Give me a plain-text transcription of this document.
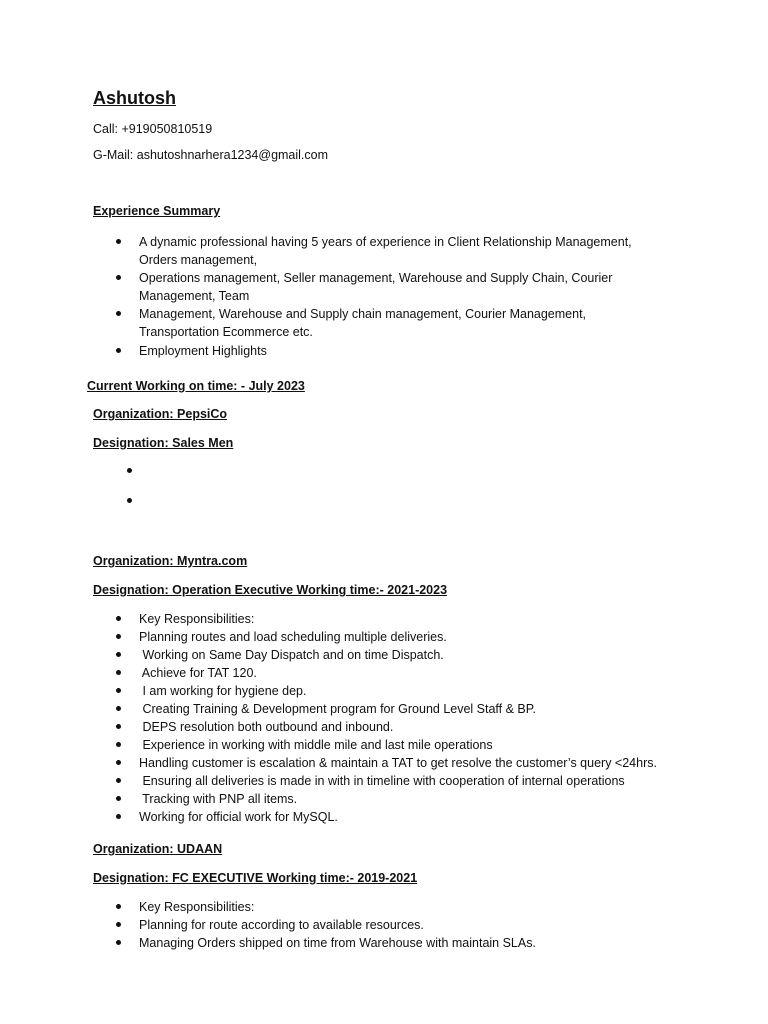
Ashutosh
Call: +919050810519
G-Mail: ashutoshnarhera1234@gmail.com
Experience Summary
A dynamic professional having 5 years of experience in Client Relationship Management,
Orders management,
Operations management, Seller management, Warehouse and Supply Chain, Courier
Management, Team
Management, Warehouse and Supply chain management, Courier Management,
Transportation Ecommerce etc.
Employment Highlights
Current Working on time: - July 2023
Organization: PepsiCo
Designation: Sales Men
Organization: Myntra.com
Designation: Operation Executive Working time:- 2021-2023
Key Responsibilities:
Planning routes and load scheduling multiple deliveries.
Working on Same Day Dispatch and on time Dispatch.
Achieve for TAT 120.
I am working for hygiene dep.
Creating Training & Development program for Ground Level Staff & BP.
DEPS resolution both outbound and inbound.
Experience in working with middle mile and last mile operations
Handling customer is escalation & maintain a TAT to get resolve the customer’s query <24hrs.
Ensuring all deliveries is made in with in timeline with cooperation of internal operations
Tracking with PNP all items.
Working for official work for MySQL.
Organization: UDAAN
Designation: FC EXECUTIVE Working time:- 2019-2021
Key Responsibilities:
Planning for route according to available resources.
Managing Orders shipped on time from Warehouse with maintain SLAs.
